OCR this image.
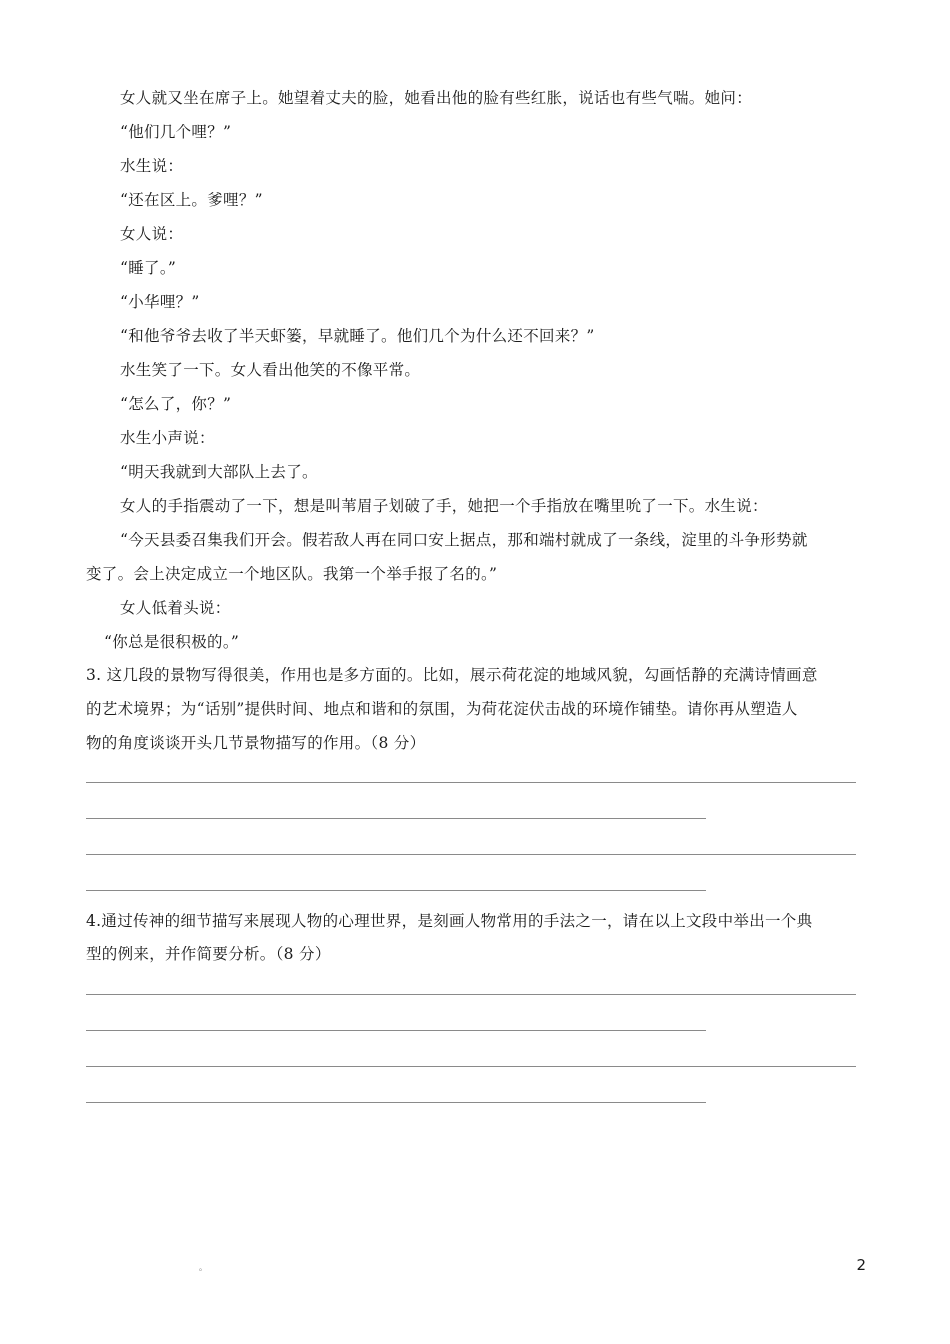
女人就又坐在席子上。她望着丈夫的脸，她看出他的脸有些红胀，说话也有些气喘。她问：
“他们几个哩？”
水生说：
“还在区上。爹哩？”
女人说：
“睡了。”
“小华哩？”
“和他爷爷去收了半天虾篓，早就睡了。他们几个为什么还不回来？”
水生笑了一下。女人看出他笑的不像平常。
“怎么了，你？”
水生小声说：
“明天我就到大部队上去了。
女人的手指震动了一下，想是叫苇眉子划破了手，她把一个手指放在嘴里吮了一下。水生说：
“今天县委召集我们开会。假若敌人再在同口安上据点，那和端村就成了一条线，淀里的斗争形势就
变了。会上决定成立一个地区队。我第一个举手报了名的。”
女人低着头说：
“你总是很积极的。”
3. 这几段的景物写得很美，作用也是多方面的。比如，展示荷花淀的地域风貌，勾画恬静的充满诗情画意
的艺术境界；为“话别”提供时间、地点和谐和的氛围，为荷花淀伏击战的环境作铺垫。请你再从塑造人
物的角度谈谈开头几节景物描写的作用。（8 分）
4.通过传神的细节描写来展现人物的心理世界，是刻画人物常用的手法之一，请在以上文段中举出一个典
型的例来，并作简要分析。（8 分）
。	2
